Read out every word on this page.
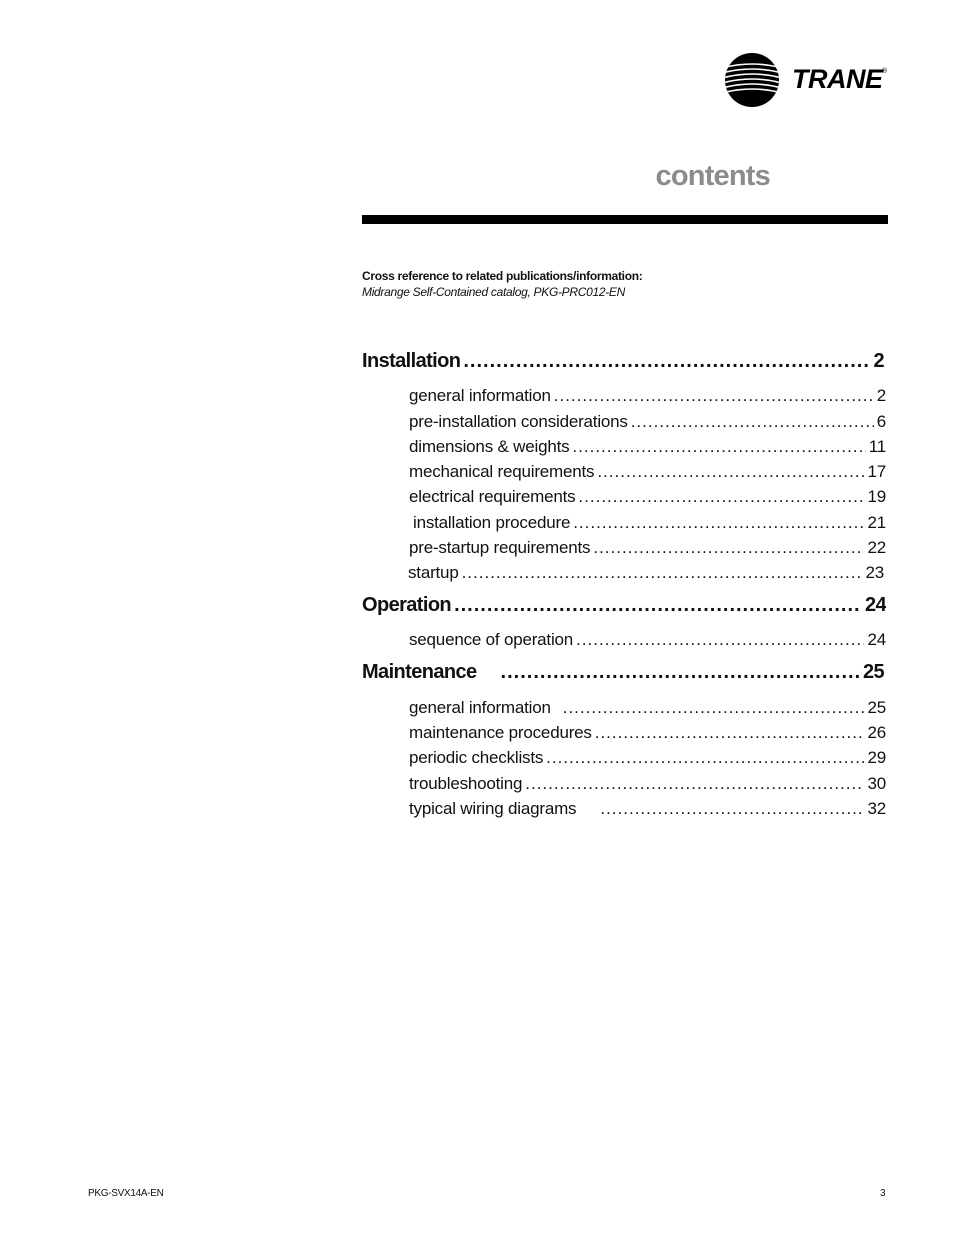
TRANE ®
contents
Cross reference to related publications/information:
Midrange Self-Contained catalog, PKG-PRC012-EN
Installation .....	2
general information .....	2
pre-installation considerations .....	6
dimensions & weights .....	11
mechanical requirements .....	17
electrical requirements .....	19
installation procedure .....	21
pre-startup requirements .....	22
startup .....	23
Operation .....	24
sequence of operation .....	24
Maintenance .....	25
general information .....	25
maintenance procedures .....	26
periodic checklists .....	29
troubleshooting .....	30
typical wiring diagrams .....	32
PKG-SVX14A-EN	3
